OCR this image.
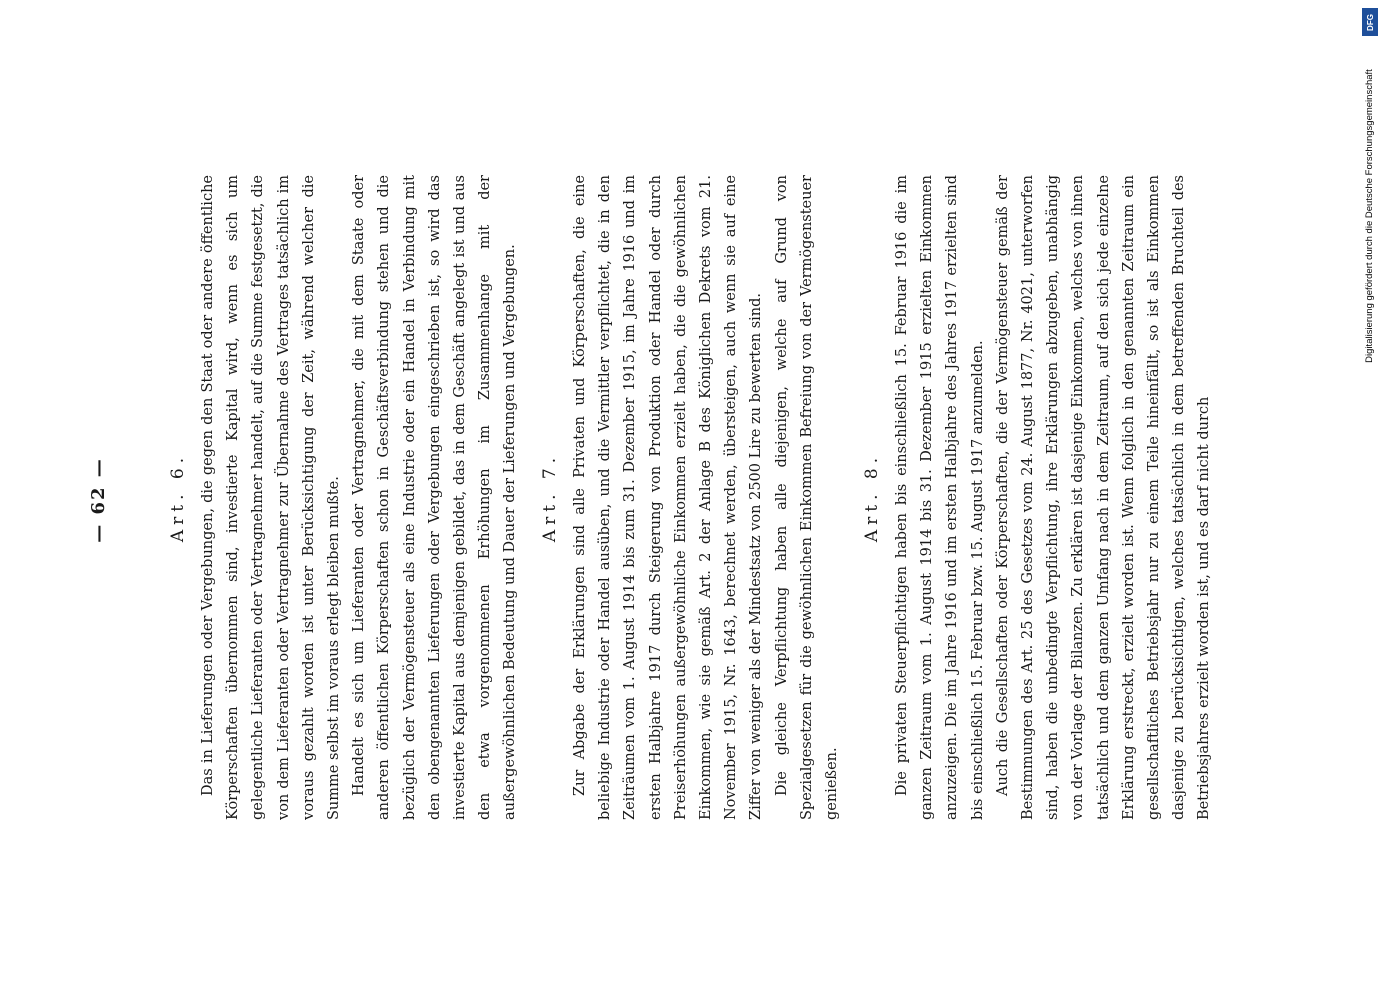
— 62 —	Art. 6. Das in Lieferungen oder Vergebungen, die gegen den Staat oder andere öffentliche Körperschaften übernommen sind, investierte Kapital wird, wenn es sich um gelegentliche Lieferanten oder Vertragnehmer handelt, auf die Summe festgesetzt, die von dem Lieferanten oder Vertragnehmer zur Übernahme des Vertrages tatsächlich im voraus gezahlt worden ist unter Berücksichtigung der Zeit, während welcher die Summe selbst im voraus erlegt bleiben mußte. Handelt es sich um Lieferanten oder Vertragnehmer, die mit dem Staate oder anderen öffentlichen Körperschaften schon in Geschäftsverbindung stehen und die bezüglich der Vermögensteuer als eine Industrie oder ein Handel in Verbindung mit den obengenannten Lieferungen oder Vergebungen eingeschrieben ist, so wird das investierte Kapital aus demjenigen gebildet, das in dem Geschäft angelegt ist und aus den etwa vorgenommenen Erhöhungen im Zusammenhange mit der außergewöhnlichen Bedeutung und Dauer der Lieferungen und Vergebungen.	Art. 7. Zur Abgabe der Erklärungen sind alle Privaten und Körperschaften, die eine beliebige Industrie oder Handel ausüben, und die Vermittler verpflichtet, die in den Zeiträumen vom 1. August 1914 bis zum 31. Dezember 1915, im Jahre 1916 und im ersten Halbjahre 1917 durch Steigerung von Produktion oder Handel oder durch Preiserhöhungen außergewöhnliche Einkommen erzielt haben, die die gewöhnlichen Einkommen, wie sie gemäß Art. 2 der Anlage B des Königlichen Dekrets vom 21. November 1915, Nr. 1643, berechnet werden, übersteigen, auch wenn sie auf eine Ziffer von weniger als der Mindestsatz von 2500 Lire zu bewerten sind. Die gleiche Verpflichtung haben alle diejenigen, welche auf Grund von Spezialgesetzen für die gewöhnlichen Einkommen Befreiung von der Vermögensteuer genießen.

Art. 8. Die privaten Steuerpflichtigen haben bis einschließlich 15. Februar 1916 die im ganzen Zeitraum vom 1. August 1914 bis 31. Dezember 1915 erzielten Einkommen anzuzeigen. Die im Jahre 1916 und im ersten Halbjahre des Jahres 1917 erzielten sind bis einschließlich 15. Februar bzw. 15. August 1917 anzumelden. Auch die Gesellschaften oder Körperschaften, die der Vermögensteuer gemäß der Bestimmungen des Art. 25 des Gesetzes vom 24. August 1877, Nr. 4021, unterworfen sind, haben die unbedingte Verpflichtung, ihre Erklärungen abzugeben, unabhängig von der Vorlage der Bilanzen. Zu erklären ist dasjenige Einkommen, welches von ihnen tatsächlich und dem ganzen Umfang nach in dem Zeitraum, auf den sich jede einzelne Erklärung erstreckt, erzielt worden ist. Wenn folglich in den genannten Zeitraum ein gesellschaftliches Betriebsjahr nur zu einem Teile hineinfällt, so ist als Einkommen dasjenige zu berücksichtigen, welches tatsächlich in dem betreffenden Bruchteil des Betriebsjahres erzielt worden ist, und es darf nicht durch

DFG
Digitalisierung gefördert durch die Deutsche Forschungsgemeinschaft
